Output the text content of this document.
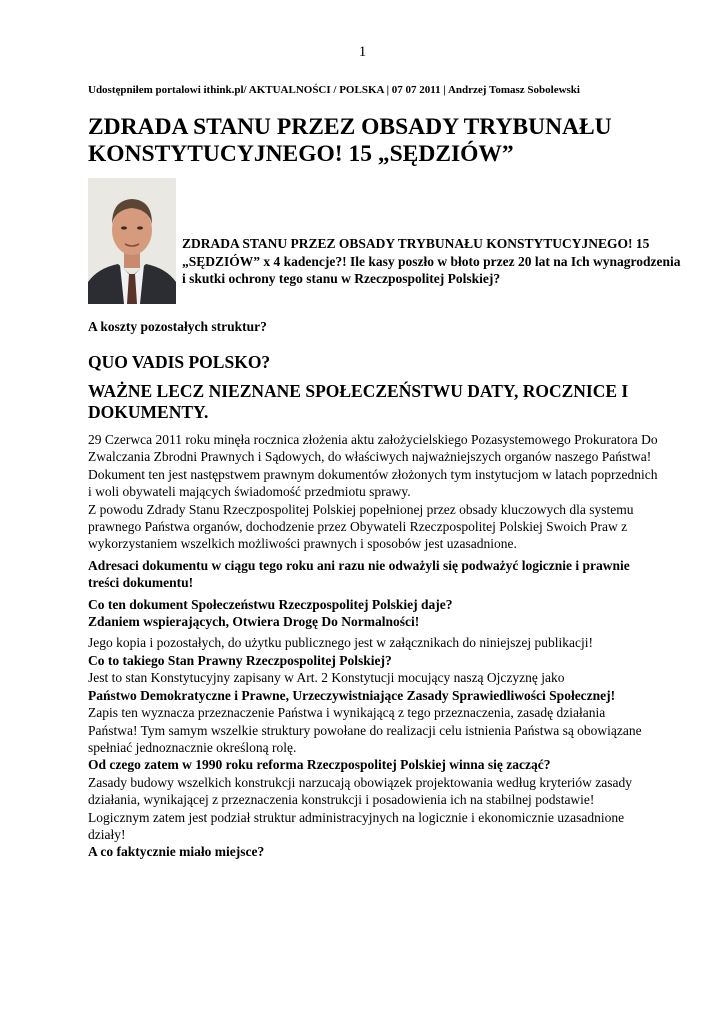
1
Udostępniłem portalowi ithink.pl/ AKTUALNOŚCI / POLSKA | 07 07 2011 | Andrzej Tomasz Sobolewski
ZDRADA STANU PRZEZ OBSADY TRYBUNAŁU KONSTYTUCYJNEGO! 15 „SĘDZIÓW”

ZDRADA STANU PRZEZ OBSADY TRYBUNAŁU KONSTYTUCYJNEGO! 15 „SĘDZIÓW” x 4 kadencje?! Ile kasy poszło w błoto przez 20 lat na Ich wynagrodzenia i skutki ochrony tego stanu w Rzeczpospolitej Polskiej?

A koszty pozostałych struktur?

QUO VADIS POLSKO?
WAŻNE LECZ NIEZNANE SPOŁECZEŃSTWU DATY, ROCZNICE I DOKUMENTY.

29 Czerwca 2011 roku minęła rocznica złożenia aktu założycielskiego Pozasystemowego Prokuratora Do Zwalczania Zbrodni Prawnych i Sądowych, do właściwych najważniejszych organów naszego Państwa! Dokument ten jest następstwem prawnym dokumentów złożonych tym instytucjom w latach poprzednich i woli obywateli mających świadomość przedmiotu sprawy.

Z powodu Zdrady Stanu Rzeczpospolitej Polskiej popełnionej przez obsady kluczowych dla systemu prawnego Państwa organów, dochodzenie przez Obywateli Rzeczpospolitej Polskiej Swoich Praw z wykorzystaniem wszelkich możliwości prawnych i sposobów jest uzasadnione.

Adresaci dokumentu w ciągu tego roku ani razu nie odważyli się podważyć logicznie i prawnie treści dokumentu!

Co ten dokument Społeczeństwu Rzeczpospolitej Polskiej daje?

Zdaniem wspierających, Otwiera Drogę Do Normalności!

Jego kopia i pozostałych, do użytku publicznego jest w załącznikach do niniejszej publikacji!

Co to takiego Stan Prawny Rzeczpospolitej Polskiej?

Jest to stan Konstytucyjny zapisany w Art. 2 Konstytucji mocujący naszą Ojczyznę jako

Państwo Demokratyczne i Prawne, Urzeczywistniające Zasady Sprawiedliwości Społecznej!

Zapis ten wyznacza przeznaczenie Państwa i wynikającą z tego przeznaczenia, zasadę działania Państwa! Tym samym wszelkie struktury powołane do realizacji celu istnienia Państwa są obowiązane spełniać jednoznacznie określoną rolę.

Od czego zatem w 1990 roku reforma Rzeczpospolitej Polskiej winna się zacząć?

Zasady budowy wszelkich konstrukcji narzucają obowiązek projektowania według kryteriów zasady działania, wynikającej z przeznaczenia konstrukcji i posadowienia ich na stabilnej podstawie!

Logicznym zatem jest podział struktur administracyjnych na logicznie i ekonomicznie uzasadnione działy!

A co faktycznie miało miejsce?
